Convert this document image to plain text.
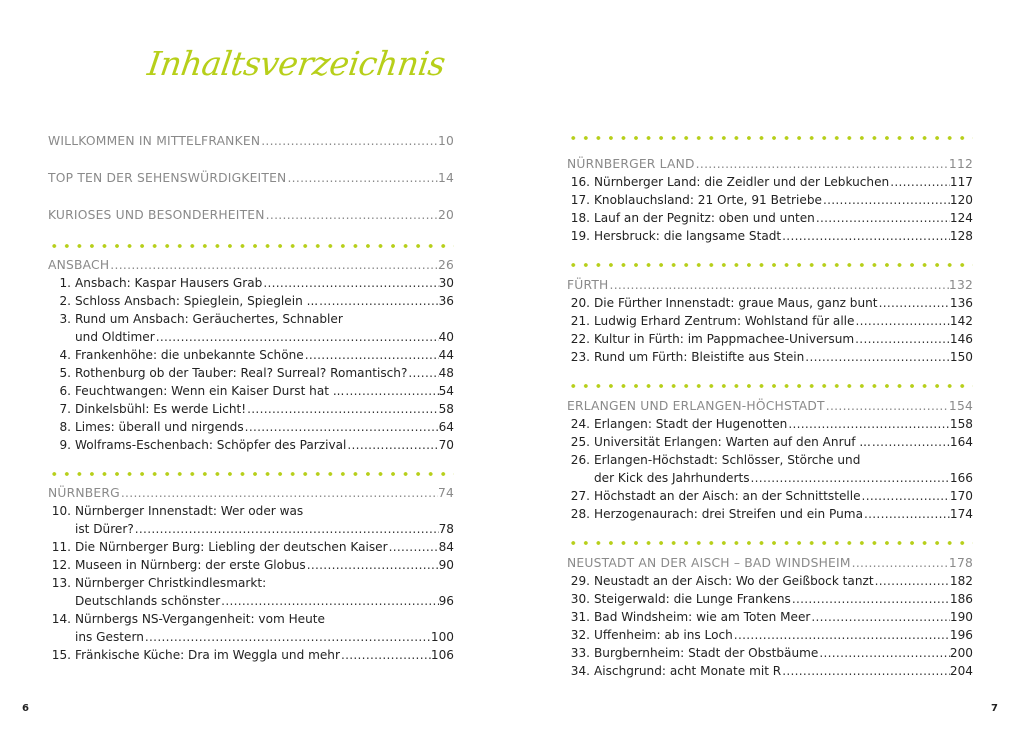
Inhaltsverzeichnis
WILLKOMMEN IN MITTELFRANKEN .....	10
TOP TEN DER SEHENSWÜRDIGKEITEN .....	14
KURIOSES UND BESONDERHEITEN .....	20
ANSBACH .....	26
1. Ansbach: Kaspar Hausers Grab .....	30
2. Schloss Ansbach: Spieglein, Spieglein ... .....	36
3. Rund um Ansbach: Geräuchertes, Schnabler
und Oldtimer .....	40
4. Frankenhöhe: die unbekannte Schöne .....	44
5. Rothenburg ob der Tauber: Real? Surreal? Romantisch? .....	48
6. Feuchtwangen: Wenn ein Kaiser Durst hat ... .....	54
7. Dinkelsbühl: Es werde Licht! .....	58
8. Limes: überall und nirgends .....	64
9. Wolframs-Eschenbach: Schöpfer des Parzival .....	70
NÜRNBERG .....	74
10. Nürnberger Innenstadt: Wer oder was
ist Dürer? .....	78
11. Die Nürnberger Burg: Liebling der deutschen Kaiser .....	84
12. Museen in Nürnberg: der erste Globus .....	90
13. Nürnberger Christkindlesmarkt:
Deutschlands schönster .....	96
14. Nürnbergs NS-Vergangenheit: vom Heute
ins Gestern .....	100
15. Fränkische Küche: Dra im Weggla und mehr .....	106
NÜRNBERGER LAND .....	112
16. Nürnberger Land: die Zeidler und der Lebkuchen .....	117
17. Knoblauchsland: 21 Orte, 91 Betriebe .....	120
18. Lauf an der Pegnitz: oben und unten .....	124
19. Hersbruck: die langsame Stadt .....	128
FÜRTH .....	132
20. Die Fürther Innenstadt: graue Maus, ganz bunt .....	136
21. Ludwig Erhard Zentrum: Wohlstand für alle .....	142
22. Kultur in Fürth: im Pappmachee-Universum .....	146
23. Rund um Fürth: Bleistifte aus Stein .....	150
ERLANGEN UND ERLANGEN-HÖCHSTADT .....	154
24. Erlangen: Stadt der Hugenotten .....	158
25. Universität Erlangen: Warten auf den Anruf ... .....	164
26. Erlangen-Höchstadt: Schlösser, Störche und
der Kick des Jahrhunderts .....	166
27. Höchstadt an der Aisch: an der Schnittstelle .....	170
28. Herzogenaurach: drei Streifen und ein Puma .....	174
NEUSTADT AN DER AISCH – BAD WINDSHEIM .....	178
29. Neustadt an der Aisch: Wo der Geißbock tanzt .....	182
30. Steigerwald: die Lunge Frankens .....	186
31. Bad Windsheim: wie am Toten Meer .....	190
32. Uffenheim: ab ins Loch .....	196
33. Burgbernheim: Stadt der Obstbäume .....	200
34. Aischgrund: acht Monate mit R .....	204
6	7
